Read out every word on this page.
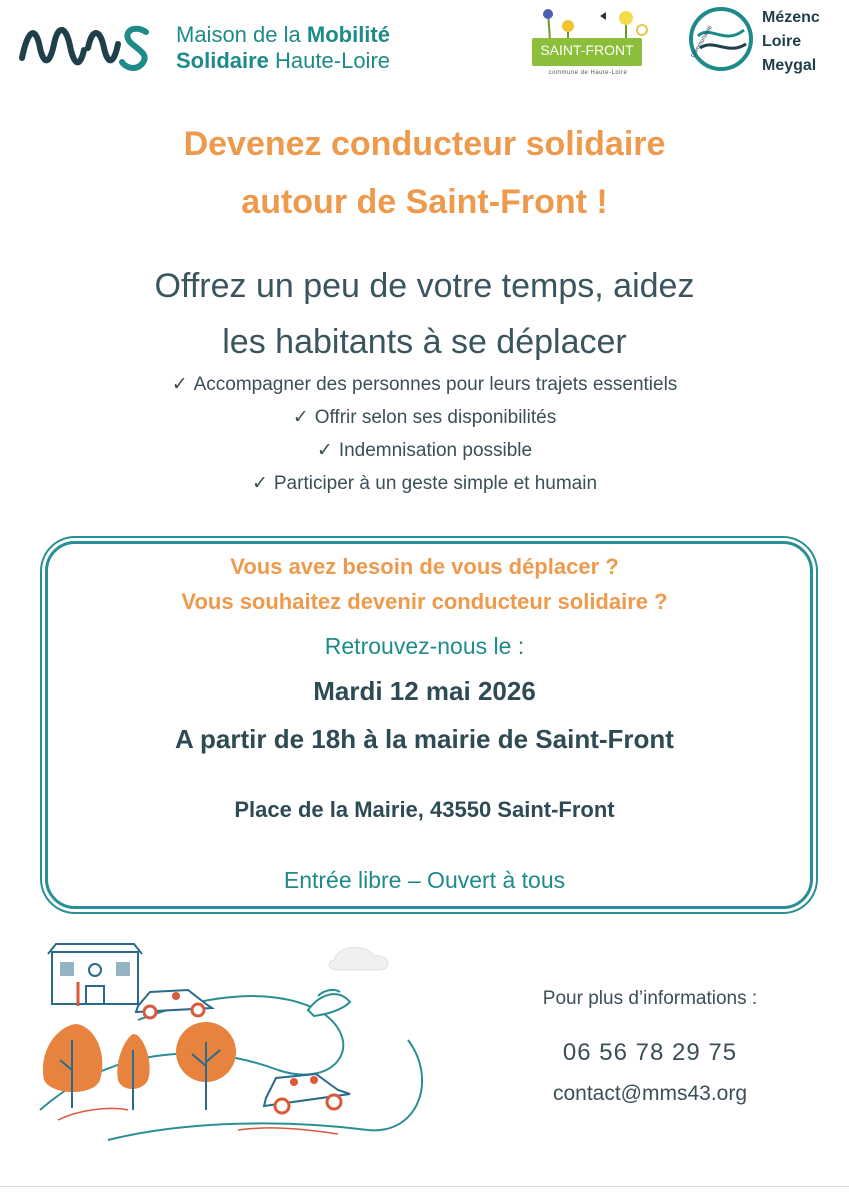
Maison de la Mobilité
Solidaire Haute-Loire	SAINT-FRONT
commune de Haute-Loire
Communauté
Mézenc
Loire
Meygal
Devenez conducteur solidaire
autour de Saint-Front !
Offrez un peu de votre temps, aidez
les habitants à se déplacer
✓ Accompagner des personnes pour leurs trajets essentiels
✓ Offrir selon ses disponibilités
✓ Indemnisation possible
✓ Participer à un geste simple et humain
Vous avez besoin de vous déplacer ?
Vous souhaitez devenir conducteur solidaire ?
Retrouvez-nous le :
Mardi 12 mai 2026
A partir de 18h à la mairie de Saint-Front
Place de la Mairie, 43550 Saint-Front
Entrée libre – Ouvert à tous
Pour plus d’informations :
06 56 78 29 75
contact@mms43.org
